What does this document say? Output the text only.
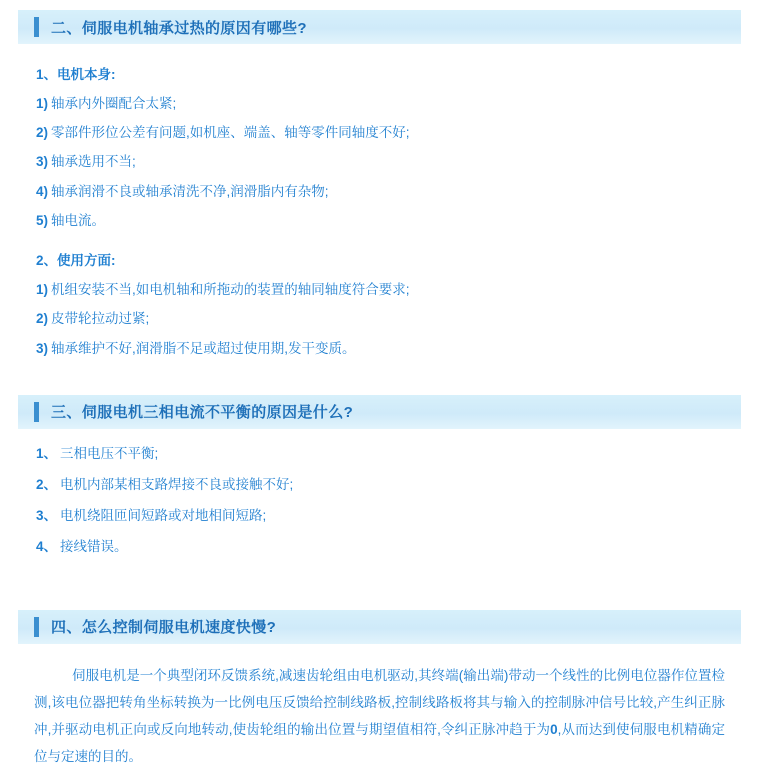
二、伺服电机轴承过热的原因有哪些?
1、电机本身:
1) 轴承内外圈配合太紧;
2) 零部件形位公差有问题,如机座、端盖、轴等零件同轴度不好;
3) 轴承选用不当;
4) 轴承润滑不良或轴承清洗不净,润滑脂内有杂物;
5) 轴电流。
2、使用方面:
1) 机组安装不当,如电机轴和所拖动的装置的轴同轴度符合要求;
2) 皮带轮拉动过紧;
3) 轴承维护不好,润滑脂不足或超过使用期,发干变质。
三、伺服电机三相电流不平衡的原因是什么?
1、 三相电压不平衡;
2、 电机内部某相支路焊接不良或接触不好;
3、 电机绕阻匝间短路或对地相间短路;
4、 接线错误。
四、怎么控制伺服电机速度快慢?

伺服电机是一个典型闭环反馈系统,减速齿轮组由电机驱动,其终端(输出端)带动一个线性的比例电位器作位置检测,该电位器把转角坐标转换为一比例电压反馈给控制线路板,控制线路板将其与输入的控制脉冲信号比较,产生纠正脉冲,并驱动电机正向或反向地转动,使齿轮组的输出位置与期望值相符,令纠正脉冲趋于为0,从而达到使伺服电机精确定位与定速的目的。
